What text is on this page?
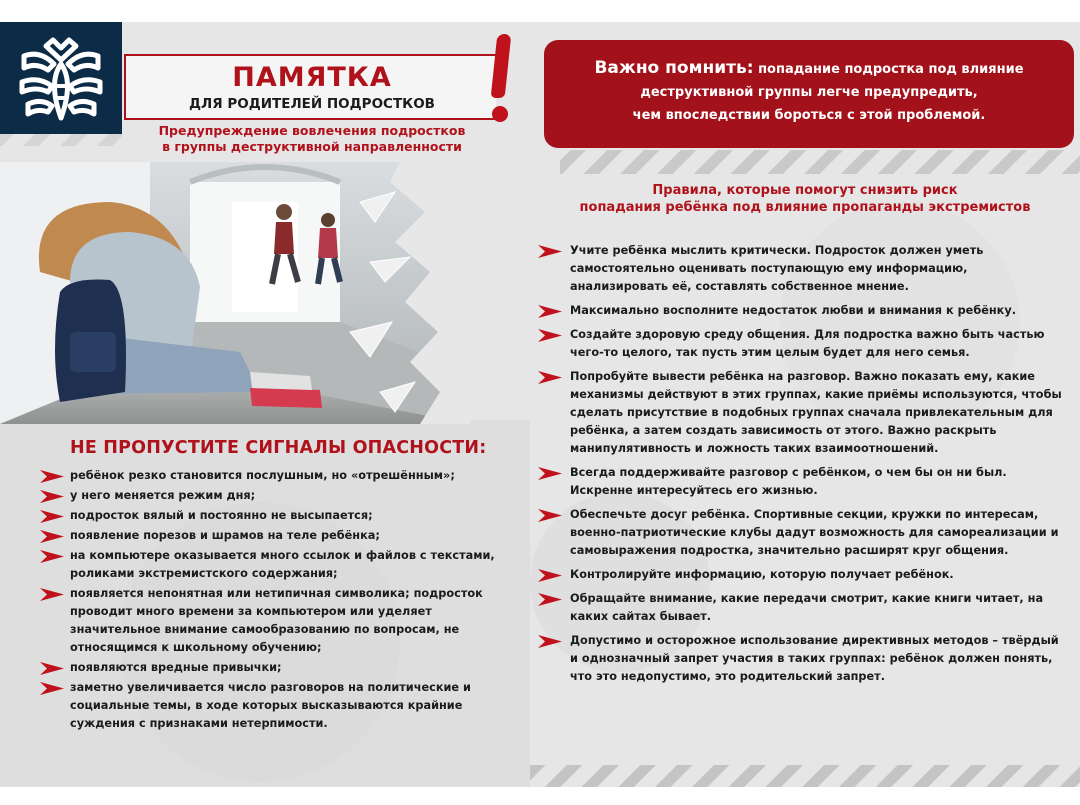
ПАМЯТКА
ДЛЯ РОДИТЕЛЕЙ ПОДРОСТКОВ
Предупреждение вовлечения подростков
в группы деструктивной направленности
Важно помнить: попадание подростка под влияние
деструктивной группы легче предупредить,
чем впоследствии бороться с этой проблемой.
НЕ ПРОПУСТИТЕ СИГНАЛЫ ОПАСНОСТИ:
ребёнок резко становится послушным, но «отрешённым»;
у него меняется режим дня;
подросток вялый и постоянно не высыпается;
появление порезов и шрамов на теле ребёнка;
на компьютере оказывается много ссылок и файлов с текстами, роликами экстремистского содержания;
появляется непонятная или нетипичная символика; подросток проводит много времени за компьютером или уделяет значительное внимание самообразованию по вопросам, не относящимся к школьному обучению;
появляются вредные привычки;
заметно увеличивается число разговоров на политические и социальные темы, в ходе которых высказываются крайние суждения с признаками нетерпимости.
Правила, которые помогут снизить риск
попадания ребёнка под влияние пропаганды экстремистов
Учите ребёнка мыслить критически. Подросток должен уметь самостоятельно оценивать поступающую ему информацию, анализировать её, составлять собственное мнение.
Максимально восполните недостаток любви и внимания к ребёнку.
Создайте здоровую среду общения. Для подростка важно быть частью чего-то целого, так пусть этим целым будет для него семья.
Попробуйте вывести ребёнка на разговор. Важно показать ему, какие механизмы действуют в этих группах, какие приёмы используются, чтобы сделать присутствие в подобных группах сначала привлекательным для ребёнка, а затем создать зависимость от этого. Важно раскрыть манипулятивность и ложность таких взаимоотношений.
Всегда поддерживайте разговор с ребёнком, о чем бы он ни был. Искренне интересуйтесь его жизнью.
Обеспечьте досуг ребёнка. Спортивные секции, кружки по интересам, военно-патриотические клубы дадут возможность для самореализации и самовыражения подростка, значительно расширят круг общения.
Контролируйте информацию, которую получает ребёнок.
Обращайте внимание, какие передачи смотрит, какие книги читает, на каких сайтах бывает.
Допустимо и осторожное использование директивных методов – твёрдый и однозначный запрет участия в таких группах: ребёнок должен понять, что это недопустимо, это родительский запрет.
